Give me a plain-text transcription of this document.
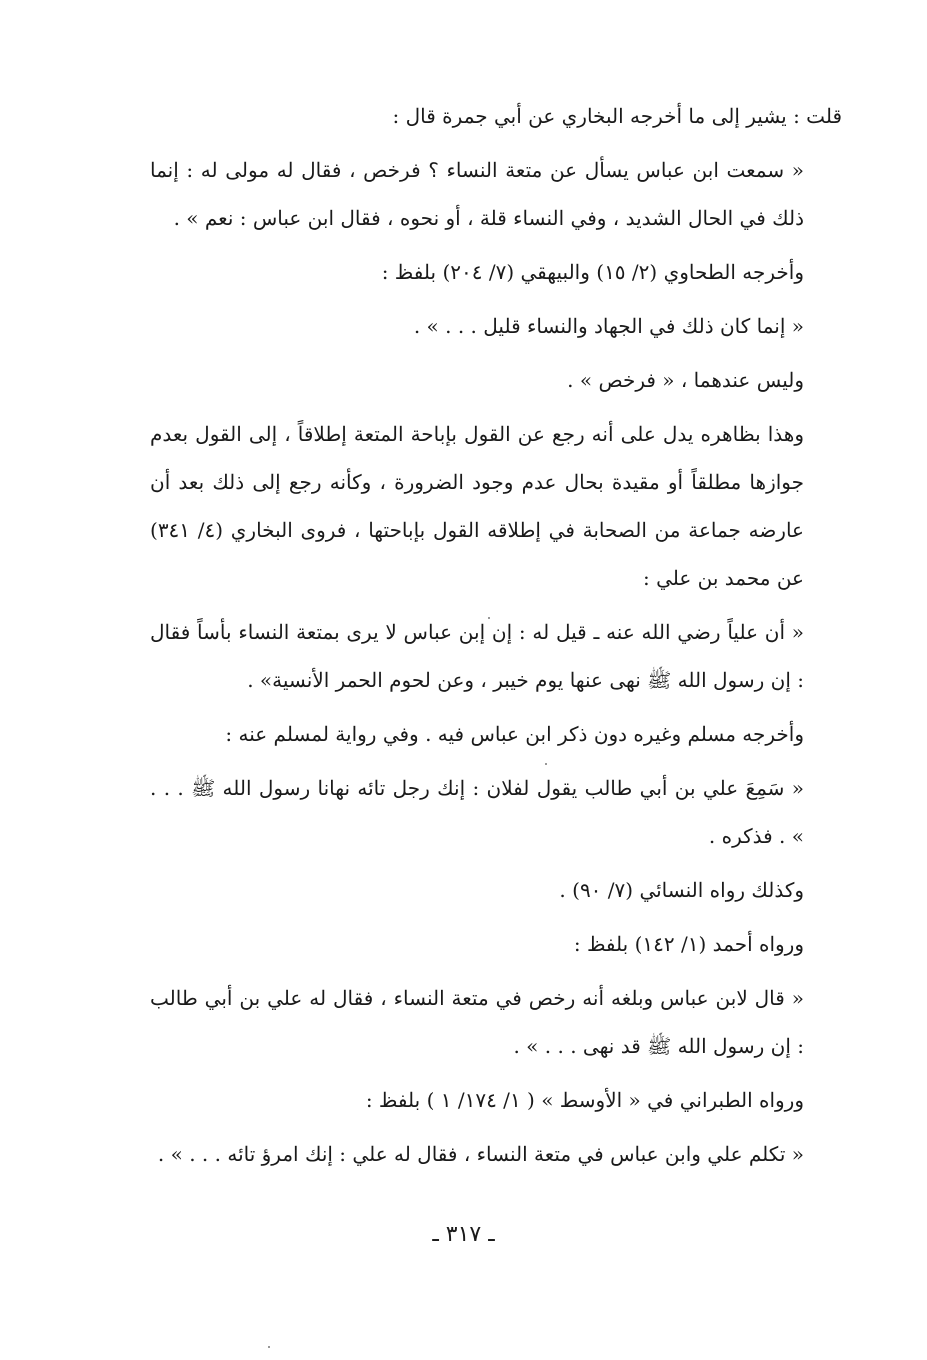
قلت : يشير إلى ما أخرجه البخاري عن أبي جمرة قال :

« سمعت ابن عباس يسأل عن متعة النساء ؟ فرخص ، فقال له مولى له : إنما ذلك في الحال الشديد ، وفي النساء قلة ، أو نحوه ، فقال ابن عباس : نعم » .

وأخرجه الطحاوي (٢/ ١٥) والبيهقي (٧/ ٢٠٤) بلفظ :

« إنما كان ذلك في الجهاد والنساء قليل . . . » .

وليس عندهما ، « فرخص » .

وهذا بظاهره يدل على أنه رجع عن القول بإباحة المتعة إطلاقاً ، إلى القول بعدم جوازها مطلقاً أو مقيدة بحال عدم وجود الضرورة ، وكأنه رجع إلى ذلك بعد أن عارضه جماعة من الصحابة في إطلاقه القول بإباحتها ، فروى البخاري (٤/ ٣٤١) عن محمد بن علي :

« أن علياً رضي الله عنه ـ قيل له : إن إبن عباس لا يرى بمتعة النساء بأساً فقال : إن رسول الله ﷺ نهى عنها يوم خيبر ، وعن لحوم الحمر الأنسية» .

وأخرجه مسلم وغيره دون ذكر ابن عباس فيه . وفي رواية لمسلم عنه :

« سَمِعَ علي بن أبي طالب يقول لفلان : إنك رجل تائه نهانا رسول الله ﷺ . . . » . فذكره .

وكذلك رواه النسائي (٧/ ٩٠) .

ورواه أحمد (١/ ١٤٢) بلفظ :

« قال لابن عباس وبلغه أنه رخص في متعة النساء ، فقال له علي بن أبي طالب : إن رسول الله ﷺ قد نهى . . . » .

ورواه الطبراني في « الأوسط » ( ١/ ١٧٤/ ١ ) بلفظ :

« تكلم علي وابن عباس في متعة النساء ، فقال له علي : إنك امرؤ تائه . . . » .

ـ ٣١٧ ـ
